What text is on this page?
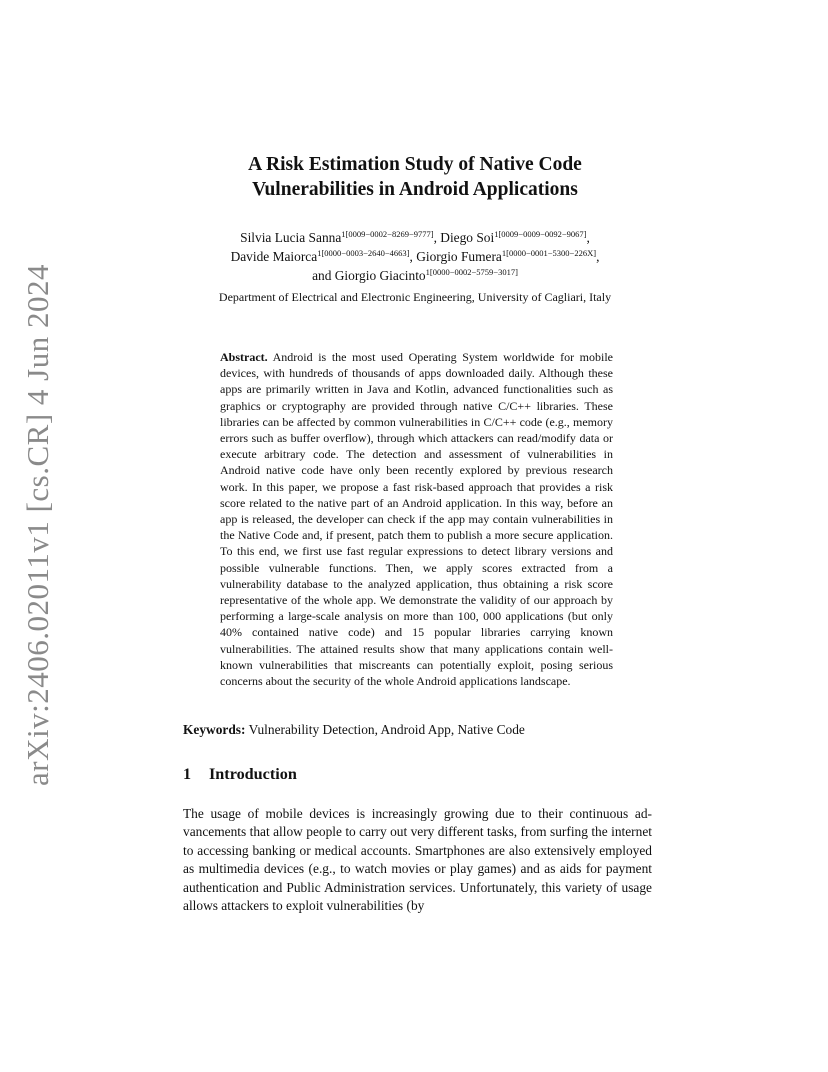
arXiv:2406.02011v1 [cs.CR] 4 Jun 2024
A Risk Estimation Study of Native Code
Vulnerabilities in Android Applications
Silvia Lucia Sanna$^{1[0009-0002-8269-9777]}$, Diego Soi$^{1[0009-0009-0092-9067]}$,
Davide Maiorca$^{1[0000-0003-2640-4663]}$, Giorgio Fumera$^{1[0000-0001-5300-226X]}$,
and Giorgio Giacinto$^{1[0000-0002-5759-3017]}$
Department of Electrical and Electronic Engineering, University of Cagliari, Italy

Abstract. Android is the most used Operating System worldwide for mobile devices, with hundreds of thousands of apps downloaded daily. Although these apps are primarily written in Java and Kotlin, advanced functionalities such as graphics or cryptography are provided through native C/C++ libraries. These libraries can be affected by common vulnerabilities in C/C++ code (e.g., memory errors such as buffer overflow), through which attackers can read/modify data or execute arbitrary code. The detection and assessment of vulnerabilities in Android native code have only been recently explored by previous research work. In this paper, we propose a fast risk-based approach that provides a risk score related to the native part of an Android application. In this way, before an app is released, the developer can check if the app may contain vulnerabilities in the Native Code and, if present, patch them to publish a more secure application. To this end, we first use fast regular expressions to detect library versions and possible vulnerable functions. Then, we apply scores extracted from a vulnerability database to the analyzed application, thus obtaining a risk score representative of the whole app. We demonstrate the validity of our approach by performing a large-scale analysis on more than 100, 000 applications (but only 40% contained native code) and 15 popular libraries carrying known vulnerabilities. The attained results show that many applications contain well-known vulnerabilities that miscreants can potentially exploit, posing serious concerns about the security of the whole Android applications landscape.

Keywords: Vulnerability Detection, Android App, Native Code
1 Introduction

The usage of mobile devices is increasingly growing due to their continuous advancements that allow people to carry out very different tasks, from surfing the internet to accessing banking or medical accounts. Smartphones are also extensively employed as multimedia devices (e.g., to watch movies or play games) and as aids for payment authentication and Public Administration services. Unfortunately, this variety of usage allows attackers to exploit vulnerabilities (by
